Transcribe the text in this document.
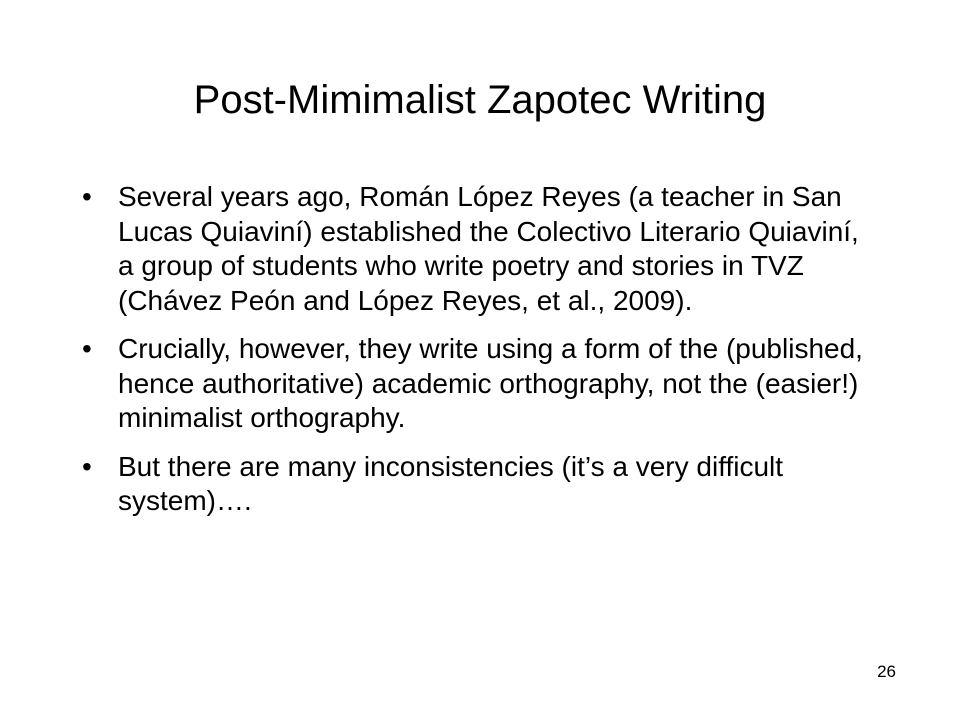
Post-Mimimalist Zapotec Writing
• Several years ago, Román López Reyes (a teacher in San Lucas Quiaviní) established the Colectivo Literario Quiaviní, a group of students who write poetry and stories in TVZ (Chávez Peón and López Reyes, et al., 2009).
• Crucially, however, they write using a form of the (published, hence authoritative) academic orthography, not the (easier!) minimalist orthography.
• But there are many inconsistencies (it’s a very difficult system)….
26
